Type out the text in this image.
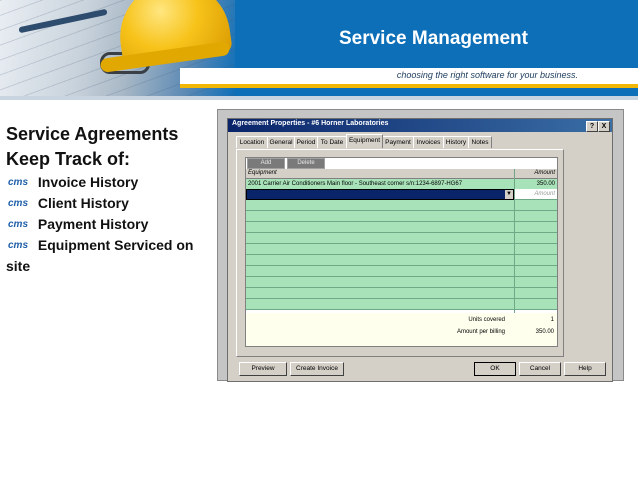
Service Management
choosing the right software for your business.
Service Agreements
Keep Track of:
cms Invoice History
cms Client History
cms Payment History
cms Equipment Serviced on
site
Agreement Properties - #6 Horner Laboratories	?	X
Location General Period To Date Equipment Payment Invoices History Notes
Add	Delete
Equipment	Amount
2001 Carrier Air Conditioners Main floor - Southeast corner s/n:1234-6897-HG67	350.00
▼	Amount
Units covered	1
Amount per billing	350.00
Preview	Create Invoice	OK	Cancel	Help
